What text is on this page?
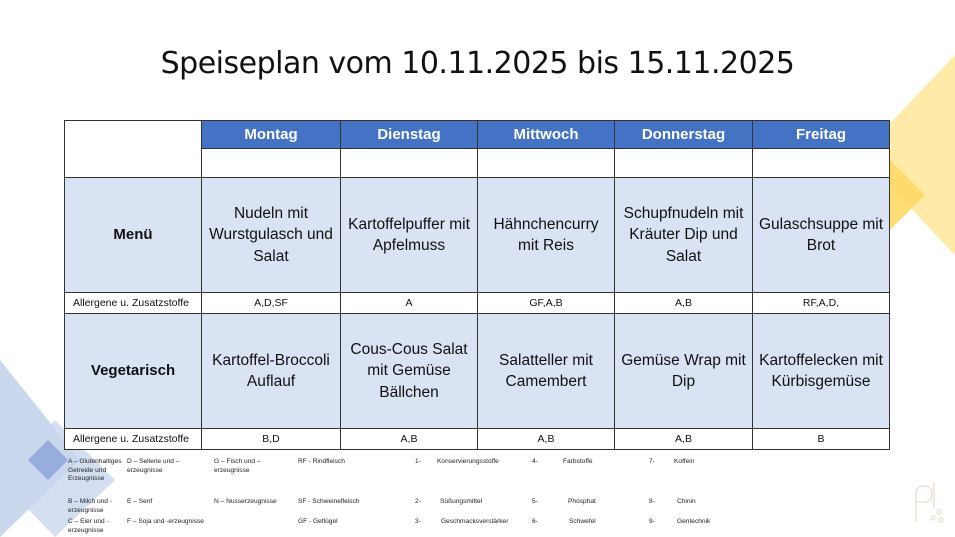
Speiseplan vom 10.11.2025 bis 15.11.2025
	Montag	Dienstag	Mittwoch	Donnerstag	Freitag

Menü	Nudeln mit Wurstgulasch und Salat	Kartoffelpuffer mit Apfelmuss	Hähnchencurry mit Reis	Schupfnudeln mit Kräuter Dip und Salat	Gulaschsuppe mit Brot
Allergene u. Zusatzstoffe	A,D,SF	A	GF,A,B	A,B	RF,A,D,
Vegetarisch	Kartoffel-Broccoli Auflauf	Cous-Cous Salat mit Gemüse Bällchen	Salatteller mit Camembert	Gemüse Wrap mit Dip	Kartoffelecken mit Kürbisgemüse
Allergene u. Zusatzstoffe	B,D	A,B	A,B	A,B	B
A – Glutenhaltiges Getreide und Erzeugnisse
B – Milch und -erzeugnisse
C – Eier und -erzeugnisse
D – Sellerie und –erzeugnisse
E – Senf
F – Soja und -erzeugnisse
G – Fisch und –erzeugnisse
N – Nusserzeugnisse
RF - Rindfleisch
SF - Schweinefleisch
GF - Geflügel
1- Konservierungsstoffe
2-	Süßungsmittel
3-	Geschmacksverstärker
4-	Farbstoffe
5-	Phosphat
6-	Schwefel
7-	Koffein
8-	Chinin
9-	Gentechnik
